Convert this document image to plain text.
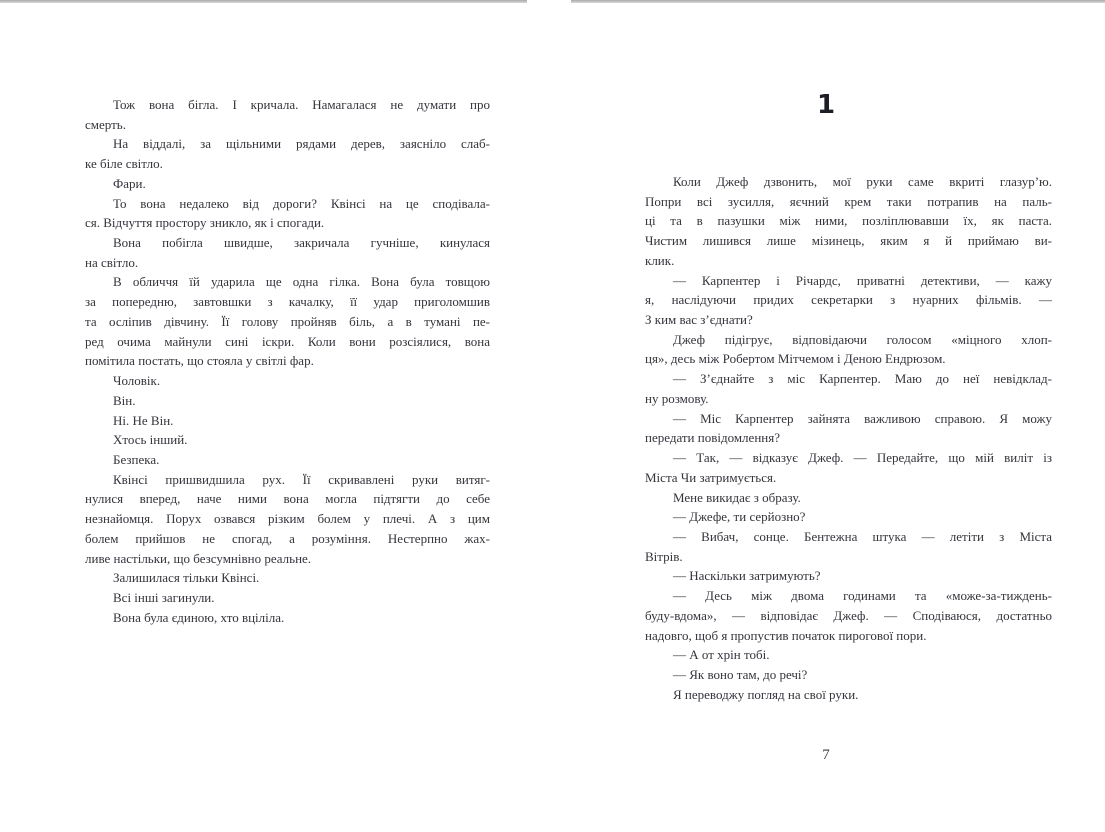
Тож вона бігла. І кричала. Намагалася не думати про
смерть.
На віддалі, за щільними рядами дерев, заясніло слаб-
ке біле світло.
Фари.
То вона недалеко від дороги? Квінсі на це сподівала-
ся. Відчуття простору зникло, як і спогади.
Вона побігла швидше, закричала гучніше, кинулася
на світло.
В обличчя їй ударила ще одна гілка. Вона була товщою
за попередню, завтовшки з качалку, її удар приголомшив
та осліпив дівчину. Її голову пройняв біль, а в тумані пе-
ред очима майнули сині іскри. Коли вони розсіялися, вона
помітила постать, що стояла у світлі фар.
Чоловік.
Він.
Ні. Не Він.
Хтось інший.
Безпека.
Квінсі пришвидшила рух. Її скривавлені руки витяг-
нулися вперед, наче ними вона могла підтягти до себе
незнайомця. Порух озвався різким болем у плечі. А з цим
болем прийшов не спогад, а розуміння. Нестерпно жах-
ливе настільки, що безсумнівно реальне.
Залишилася тільки Квінсі.
Всі інші загинули.
Вона була єдиною, хто вціліла.
1
Коли Джеф дзвонить, мої руки саме вкриті глазур’ю.
Попри всі зусилля, яєчний крем таки потрапив на паль-
ці та в пазушки між ними, позліплювавши їх, як паста.
Чистим лишився лише мізинець, яким я й приймаю ви-
клик.
— Карпентер і Річардс, приватні детективи, — кажу
я, наслідуючи придих секретарки з нуарних фільмів. —
З ким вас з’єднати?
Джеф підігрує, відповідаючи голосом «міцного хлоп-
ця», десь між Робертом Мітчемом і Деною Ендрюзом.
— З’єднайте з міс Карпентер. Маю до неї невідклад-
ну розмову.
— Міс Карпентер зайнята важливою справою. Я можу
передати повідомлення?
— Так, — відказує Джеф. — Передайте, що мій виліт із
Міста Чи затримується.
Мене викидає з образу.
— Джефе, ти серйозно?
— Вибач, сонце. Бентежна штука — летіти з Міста
Вітрів.
— Наскільки затримують?
— Десь між двома годинами та «може-за-тиждень-
буду-вдома», — відповідає Джеф. — Сподіваюся, достатньо
надовго, щоб я пропустив початок пирогової пори.
— А от хрін тобі.
— Як воно там, до речі?
Я переводжу погляд на свої руки.
7
